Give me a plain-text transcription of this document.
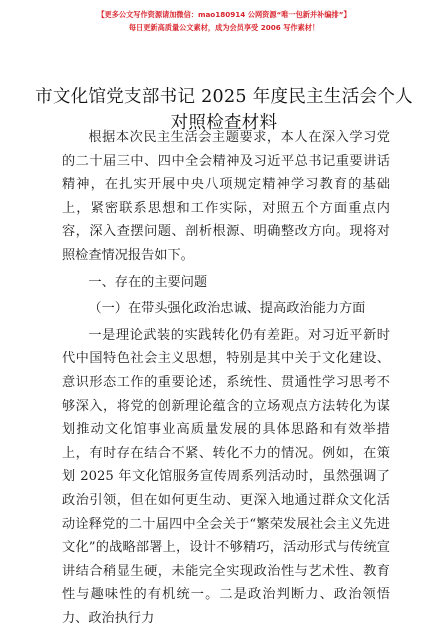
【更多公文写作资源请加微信：mao180914 公网资源“唯一包新并补编排”】
每日更新高质量公文素材，成为会员享受 2006 写作素材！
市文化馆党支部书记 2025 年度民主生活会个人
对照检查材料

根据本次民主生活会主题要求，本人在深入学习党的二十届三中、四中全会精神及习近平总书记重要讲话精神，在扎实开展中央八项规定精神学习教育的基础上，紧密联系思想和工作实际，对照五个方面重点内容，深入查摆问题、剖析根源、明确整改方向。现将对照检查情况报告如下。

一、存在的主要问题
（一）在带头强化政治忠诚、提高政治能力方面

一是理论武装的实践转化仍有差距。对习近平新时代中国特色社会主义思想，特别是其中关于文化建设、意识形态工作的重要论述，系统性、贯通性学习思考不够深入，将党的创新理论蕴含的立场观点方法转化为谋划推动文化馆事业高质量发展的具体思路和有效举措上，有时存在结合不紧、转化不力的情况。例如，在策划 2025 年文化馆服务宣传周系列活动时，虽然强调了政治引领，但在如何更生动、更深入地通过群众文化活动诠释党的二十届四中全会关于“繁荣发展社会主义先进文化”的战略部署上，设计不够精巧，活动形式与传统宣讲结合稍显生硬，未能完全实现政治性与艺术性、教育性与趣味性的有机统一。二是政治判断力、政治领悟力、政治执行力
